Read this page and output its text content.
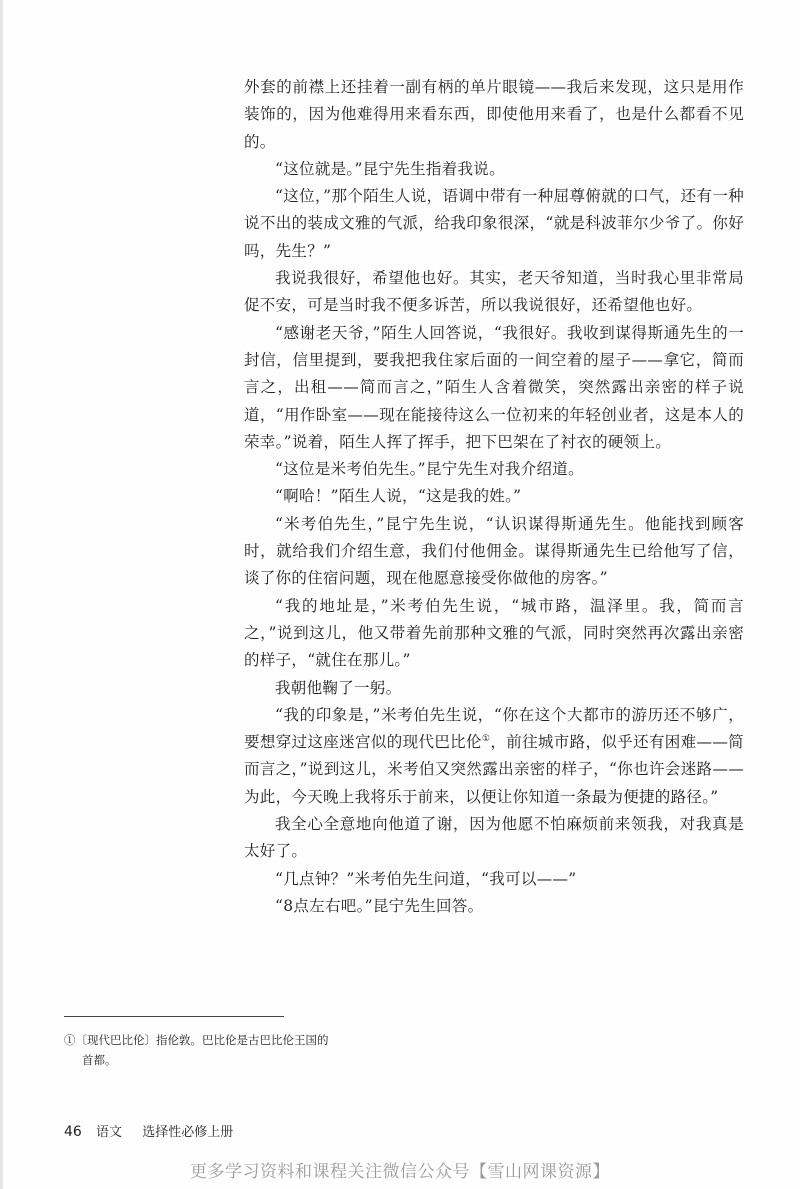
外套的前襟上还挂着一副有柄的单片眼镜——我后来发现，这只是用作装饰的，因为他难得用来看东西，即使他用来看了，也是什么都看不见的。

“这位就是。”昆宁先生指着我说。

“这位，”那个陌生人说，语调中带有一种屈尊俯就的口气，还有一种说不出的装成文雅的气派，给我印象很深，“就是科波菲尔少爷了。你好吗，先生？”

我说我很好，希望他也好。其实，老天爷知道，当时我心里非常局促不安，可是当时我不便多诉苦，所以我说很好，还希望他也好。

“感谢老天爷，”陌生人回答说，“我很好。我收到谋得斯通先生的一封信，信里提到，要我把我住家后面的一间空着的屋子——拿它，简而言之，出租——简而言之，”陌生人含着微笑，突然露出亲密的样子说道，“用作卧室——现在能接待这么一位初来的年轻创业者，这是本人的荣幸。”说着，陌生人挥了挥手，把下巴架在了衬衣的硬领上。

“这位是米考伯先生。”昆宁先生对我介绍道。

“啊哈！”陌生人说，“这是我的姓。”

“米考伯先生，”昆宁先生说，“认识谋得斯通先生。他能找到顾客时，就给我们介绍生意，我们付他佣金。谋得斯通先生已给他写了信，谈了你的住宿问题，现在他愿意接受你做他的房客。”

“我的地址是，”米考伯先生说，“城市路，温泽里。我，简而言之，”说到这儿，他又带着先前那种文雅的气派，同时突然再次露出亲密的样子，“就住在那儿。”

我朝他鞠了一躬。

“我的印象是，”米考伯先生说，“你在这个大都市的游历还不够广，要想穿过这座迷宫似的现代巴比伦①，前往城市路，似乎还有困难——简而言之，”说到这儿，米考伯又突然露出亲密的样子，“你也许会迷路——为此，今天晚上我将乐于前来，以便让你知道一条最为便捷的路径。”

我全心全意地向他道了谢，因为他愿不怕麻烦前来领我，对我真是太好了。

“几点钟？”米考伯先生问道，“我可以——”

“8点左右吧。”昆宁先生回答。

①〔现代巴比伦〕指伦敦。巴比伦是古巴比伦王国的
首都。
46 语文 选择性必修上册
更多学习资料和课程关注微信公众号【雪山网课资源】
